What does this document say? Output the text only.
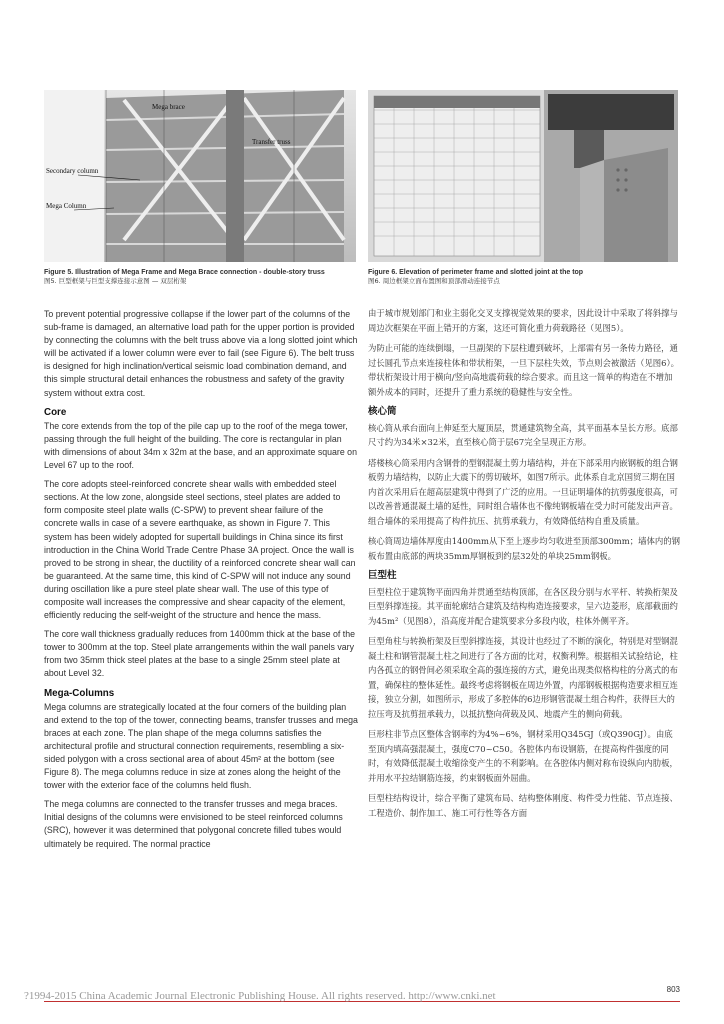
Mega brace
Transfer truss
Secondary column
Mega Column
Figure 5. Illustration of Mega Frame and Mega Brace connection - double-story truss
图5. 巨型框架与巨型支撑连接示意图 — 双层桁架
Figure 6. Elevation of perimeter frame and slotted joint at the top
图6. 周边框架立面布置图和顶部滑动连接节点

To prevent potential progressive collapse if the lower part of the columns of the sub-frame is damaged, an alternative load path for the upper portion is provided by connecting the columns with the belt truss above via a long slotted joint which will be activated if a lower column were ever to fail (see Figure 6). The belt truss is designed for high inclination/vertical seismic load combination demand, and this simple structural detail enhances the robustness and safety of the gravity system without extra cost.

Core

The core extends from the top of the pile cap up to the roof of the mega tower, passing through the full height of the building. The core is rectangular in plan with dimensions of about 34m x 32m at the base, and an approximate square on Level 67 up to the roof.

The core adopts steel-reinforced concrete shear walls with embedded steel sections. At the low zone, alongside steel sections, steel plates are added to form composite steel plate walls (C-SPW) to prevent shear failure of the concrete walls in case of a severe earthquake, as shown in Figure 7. This system has been widely adopted for supertall buildings in China since its first introduction in the China World Trade Centre Phase 3A project. Once the wall is proved to be strong in shear, the ductility of a reinforced concrete shear wall can be guaranteed. At the same time, this kind of C-SPW will not induce any sound during oscillation like a pure steel plate shear wall. The use of this type of composite wall increases the compressive and shear capacity of the element, efficiently reducing the self-weight of the structure and hence the mass.

The core wall thickness gradually reduces from 1400mm thick at the base of the tower to 300mm at the top. Steel plate arrangements within the wall panels vary from two 35mm thick steel plates at the base to a single 25mm steel plate at about Level 32.

Mega-Columns

Mega columns are strategically located at the four corners of the building plan and extend to the top of the tower, connecting beams, transfer trusses and mega braces at each zone. The plan shape of the mega columns satisfies the architectural profile and structural connection requirements, resembling a six-sided polygon with a cross sectional area of about 45m² at the bottom (see Figure 8). The mega columns reduce in size at zones along the height of the tower with the exterior face of the columns held flush.

The mega columns are connected to the transfer trusses and mega braces. Initial designs of the columns were envisioned to be steel reinforced columns (SRC), however it was determined that polygonal concrete filled tubes would ultimately be required. The normal practice

由于城市规划部门和业主弱化交叉支撑视觉效果的要求，因此设计中采取了将斜撑与周边次框架在平面上错开的方案，这还可简化重力荷载路径（见图5）。

为防止可能的连续倒塌，一旦副架的下层柱遭到破坏，上部需有另一条传力路径，通过长圆孔节点来连接柱体和带状桁架，一旦下层柱失效，节点则会被激活（见图6）。带状桁架设计用于横向/竖向高地震荷载的综合要求。而且这一简单的构造在不增加额外成本的同时，还提升了重力系统的稳健性与安全性。

核心筒

核心筒从承台面向上伸延至大厦顶层，贯通建筑物全高，其平面基本呈长方形。底部尺寸约为34米×32米，直至核心筒于层67完全呈现正方形。

塔楼核心筒采用内含钢骨的型钢混凝土剪力墙结构，并在下部采用内嵌钢板的组合钢板剪力墙结构，以防止大震下的剪切破坏，如图7所示。此体系自北京国贸三期在国内首次采用后在超高层建筑中得到了广泛的应用。一旦证明墙体的抗剪强度很高，可以改善普通混凝土墙的延性，同时组合墙体也不像纯钢板墙在受力时可能发出声音。组合墙体的采用提高了构件抗压、抗剪承载力，有效降低结构自重及质量。

核心筒周边墙体厚度由1400mm从下至上逐步均匀收进至顶部300mm；墙体内的钢板布置由底部的两块35mm厚钢板到约层32处的单块25mm钢板。

巨型柱

巨型柱位于建筑物平面四角并贯通至结构顶部，在各区段分别与水平杆、转换桁架及巨型斜撑连接。其平面轮廓结合建筑及结构构造连接要求，呈六边菱形，底部截面约为45m²（见图8），沿高度并配合建筑要求分多段内收，柱体外侧平齐。

巨型角柱与转换桁架及巨型斜撑连接，其设计也经过了不断的演化，特别是对型钢混凝土柱和钢管混凝土柱之间进行了各方面的比对，权衡利弊。根据相关试验结论，柱内各孤立的钢骨间必须采取全高的强连接的方式，避免出现类似格构柱的分离式的布置，确保柱的整体延性。最终考虑将钢板在周边外置，内部钢板根据构造要求相互连接，独立分割，如图所示，形成了多腔体的6边形钢管混凝土组合构件，获得巨大的拉压弯及抗剪扭承载力，以抵抗整向荷载及风、地震产生的侧向荷载。

巨形柱非节点区整体含钢率约为4%~6%，钢材采用Q345GJ（或Q390GJ）。由底至顶内填高强混凝土，强度C70~C50。各腔体内布设钢筋，在提高构件强度的同时，有效降低混凝土收缩徐变产生的不利影响。在各腔体内侧对称布设纵向内肋板，并用水平拉结钢筋连接，约束钢板面外屈曲。

巨型柱结构设计，综合平衡了建筑布局、结构整体刚度、构件受力性能、节点连接、工程造价、制作加工、施工可行性等各方面

?1994-2015 China Academic Journal Electronic Publishing House. All rights reserved. http://www.cnki.net
803
